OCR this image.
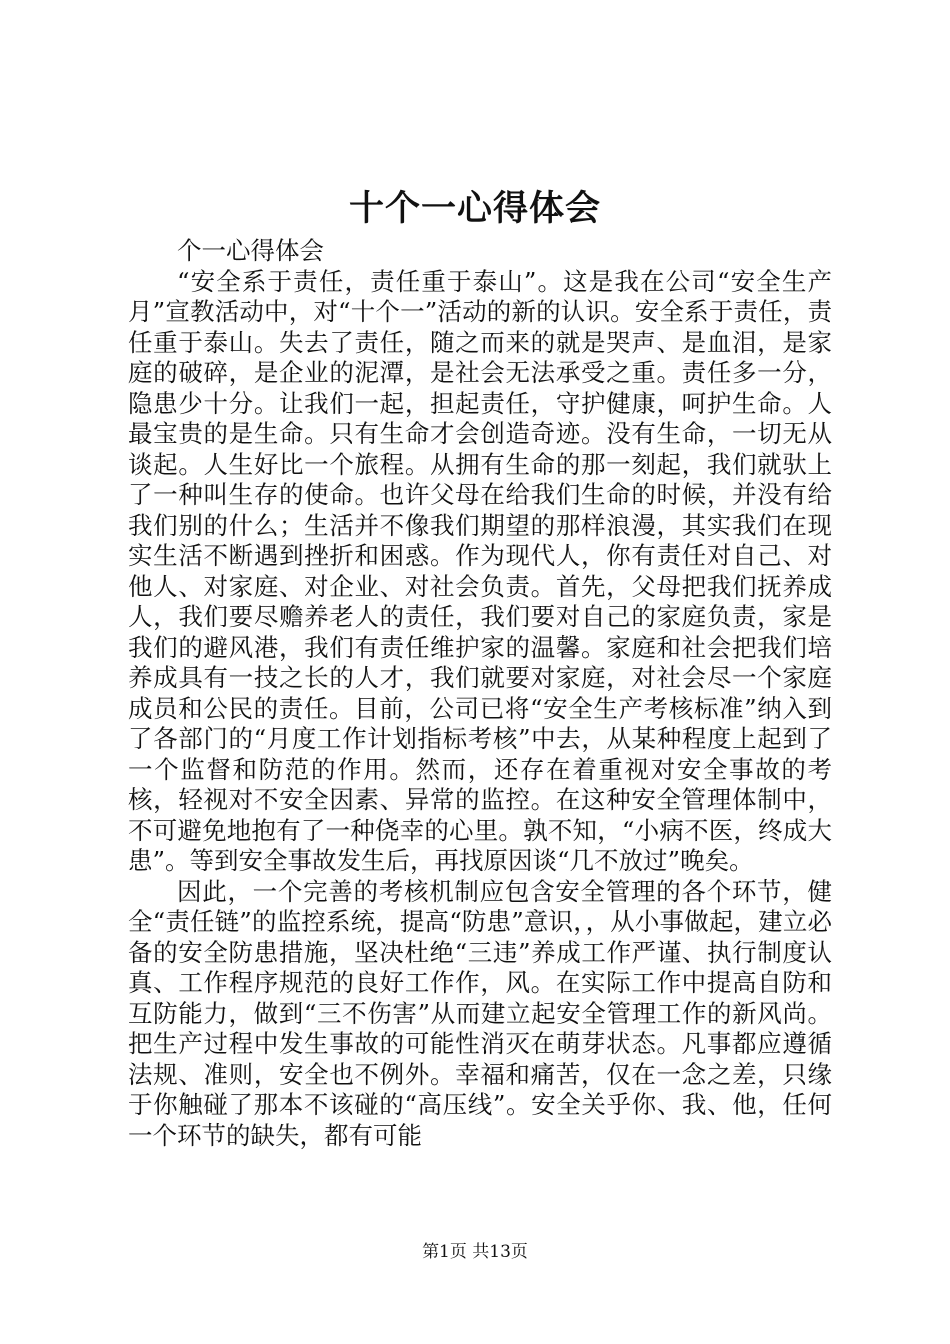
十个一心得体会

个一心得体会

“安全系于责任，责任重于泰山”。这是我在公司“安全生产月”宣教活动中，对“十个一”活动的新的认识。安全系于责任，责任重于泰山。失去了责任，随之而来的就是哭声、是血泪，是家庭的破碎，是企业的泥潭，是社会无法承受之重。责任多一分，隐患少十分。让我们一起，担起责任，守护健康，呵护生命。人最宝贵的是生命。只有生命才会创造奇迹。没有生命，一切无从谈起。人生好比一个旅程。从拥有生命的那一刻起，我们就驮上了一种叫生存的使命。也许父母在给我们生命的时候，并没有给我们别的什么；生活并不像我们期望的那样浪漫，其实我们在现实生活不断遇到挫折和困惑。作为现代人，你有责任对自己、对他人、对家庭、对企业、对社会负责。首先，父母把我们抚养成人，我们要尽赡养老人的责任，我们要对自己的家庭负责，家是我们的避风港，我们有责任维护家的温馨。家庭和社会把我们培养成具有一技之长的人才，我们就要对家庭，对社会尽一个家庭成员和公民的责任。目前，公司已将“安全生产考核标准”纳入到了各部门的“月度工作计划指标考核”中去，从某种程度上起到了一个监督和防范的作用。然而，还存在着重视对安全事故的考核，轻视对不安全因素、异常的监控。在这种安全管理体制中，不可避免地抱有了一种侥幸的心里。孰不知，“小病不医，终成大患”。等到安全事故发生后，再找原因谈“几不放过”晚矣。

因此，一个完善的考核机制应包含安全管理的各个环节，健全“责任链”的监控系统，提高“防患”意识，，从小事做起，建立必备的安全防患措施，坚决杜绝“三违”养成工作严谨、执行制度认真、工作程序规范的良好工作作，风。在实际工作中提高自防和互防能力，做到“三不伤害”从而建立起安全管理工作的新风尚。把生产过程中发生事故的可能性消灭在萌芽状态。凡事都应遵循法规、准则，安全也不例外。幸福和痛苦，仅在一念之差，只缘于你触碰了那本不该碰的“高压线”。安全关乎你、我、他，任何一个环节的缺失，都有可能

第1页 共13页
